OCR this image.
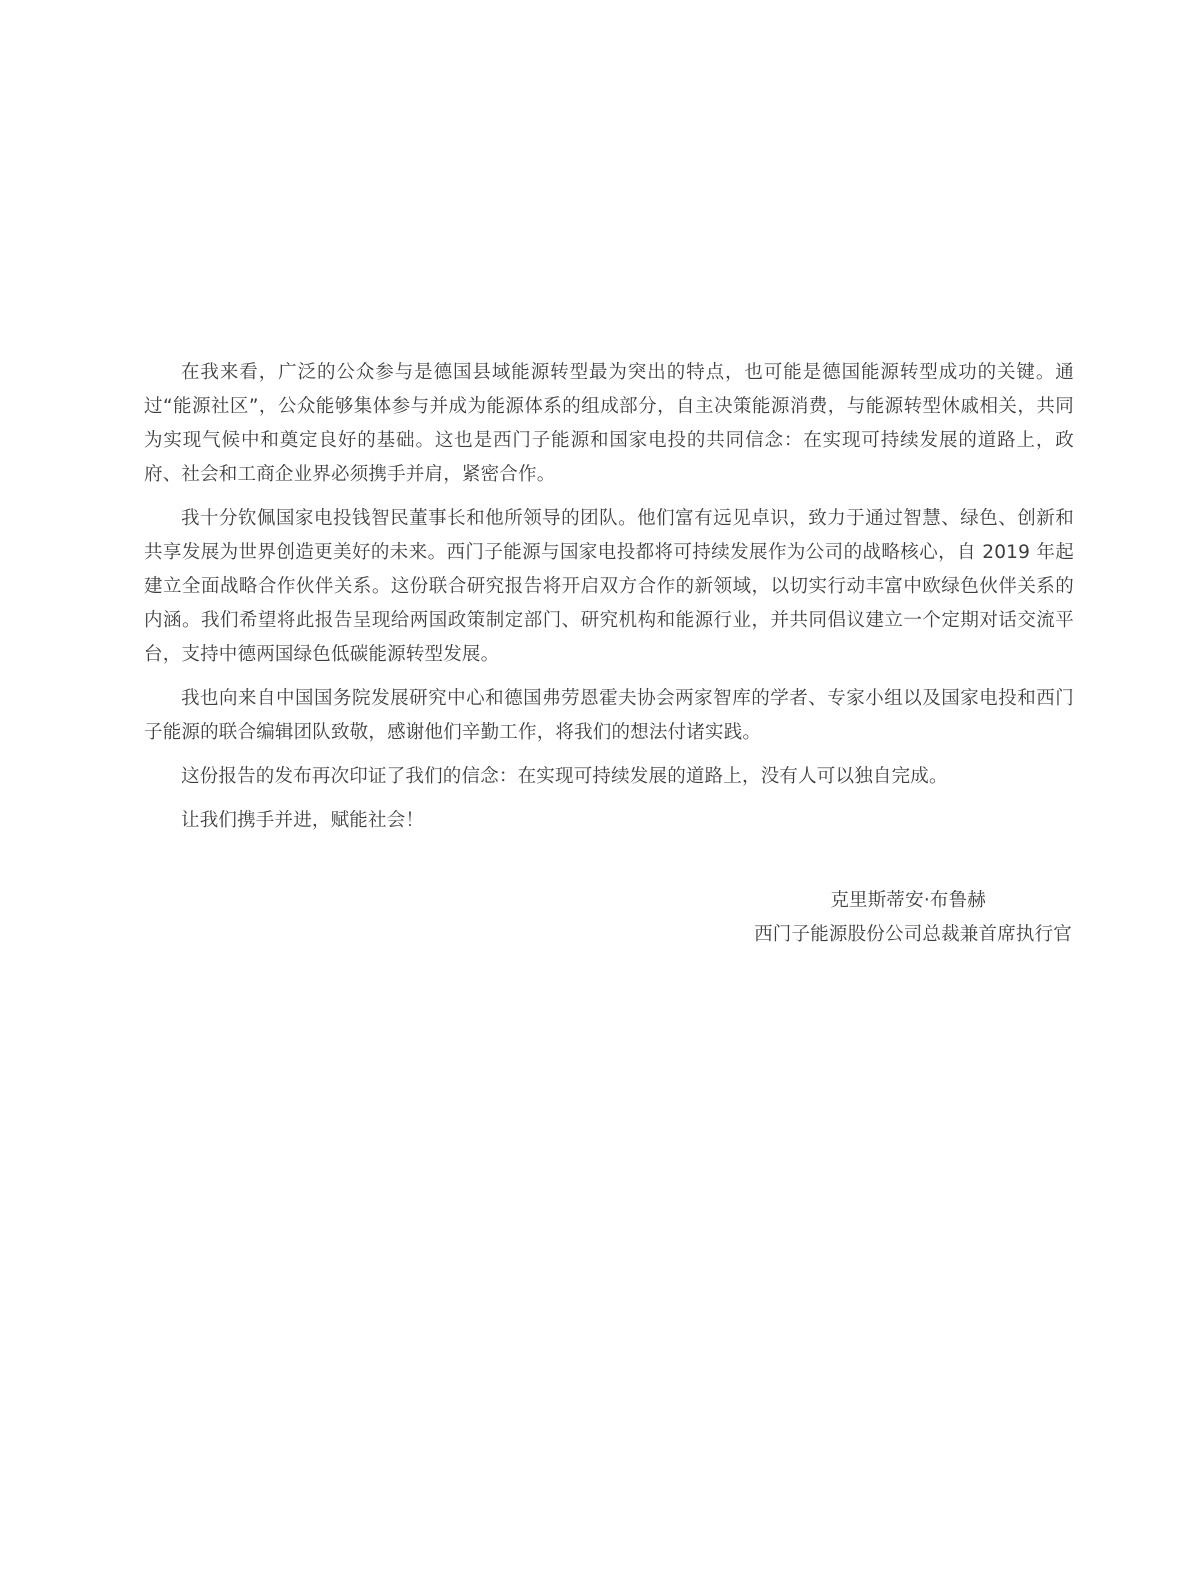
在我来看，广泛的公众参与是德国县域能源转型最为突出的特点，也可能是德国能源转型成功的关键。通过“能源社区”，公众能够集体参与并成为能源体系的组成部分，自主决策能源消费，与能源转型休戚相关，共同为实现气候中和奠定良好的基础。这也是西门子能源和国家电投的共同信念：在实现可持续发展的道路上，政府、社会和工商企业界必须携手并肩，紧密合作。

我十分钦佩国家电投钱智民董事长和他所领导的团队。他们富有远见卓识，致力于通过智慧、绿色、创新和共享发展为世界创造更美好的未来。西门子能源与国家电投都将可持续发展作为公司的战略核心，自 2019 年起建立全面战略合作伙伴关系。这份联合研究报告将开启双方合作的新领域，以切实行动丰富中欧绿色伙伴关系的内涵。我们希望将此报告呈现给两国政策制定部门、研究机构和能源行业，并共同倡议建立一个定期对话交流平台，支持中德两国绿色低碳能源转型发展。

我也向来自中国国务院发展研究中心和德国弗劳恩霍夫协会两家智库的学者、专家小组以及国家电投和西门子能源的联合编辑团队致敬，感谢他们辛勤工作，将我们的想法付诸实践。

这份报告的发布再次印证了我们的信念：在实现可持续发展的道路上，没有人可以独自完成。

让我们携手并进，赋能社会！

克里斯蒂安·布鲁赫
西门子能源股份公司总裁兼首席执行官
